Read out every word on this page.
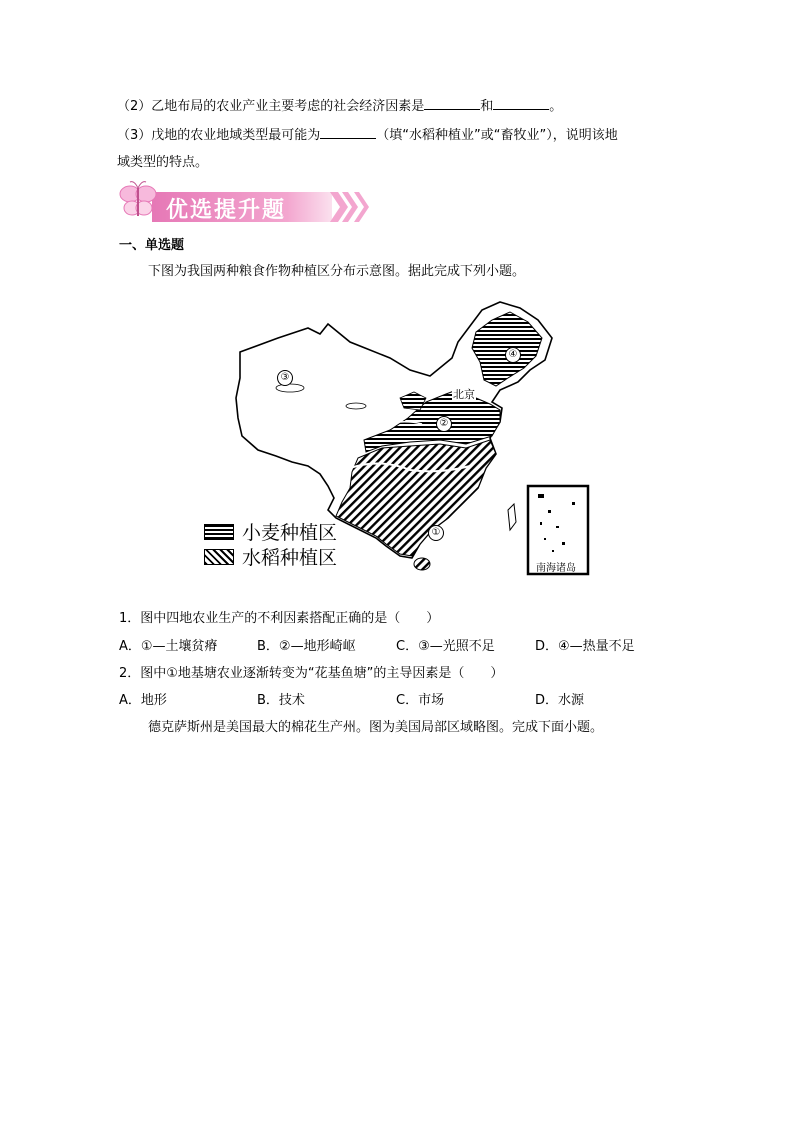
（2）乙地布局的农业产业主要考虑的社会经济因素是	和	。
（3）戊地的农业地域类型最可能为	（填“水稻种植业”或“畜牧业”），说明该地
域类型的特点。
优选提升题
一、单选题
下图为我国两种粮食作物种植区分布示意图。据此完成下列小题。
④
③
②
①
北京
南海诸岛
小麦种植区
水稻种植区
1．图中四地农业生产的不利因素搭配正确的是（　　）
A．①—土壤贫瘠	B．②—地形崎岖	C．③—光照不足	D．④—热量不足
2．图中①地基塘农业逐渐转变为“花基鱼塘”的主导因素是（　　）
A．地形	B．技术	C．市场	D．水源
德克萨斯州是美国最大的棉花生产州。图为美国局部区域略图。完成下面小题。
